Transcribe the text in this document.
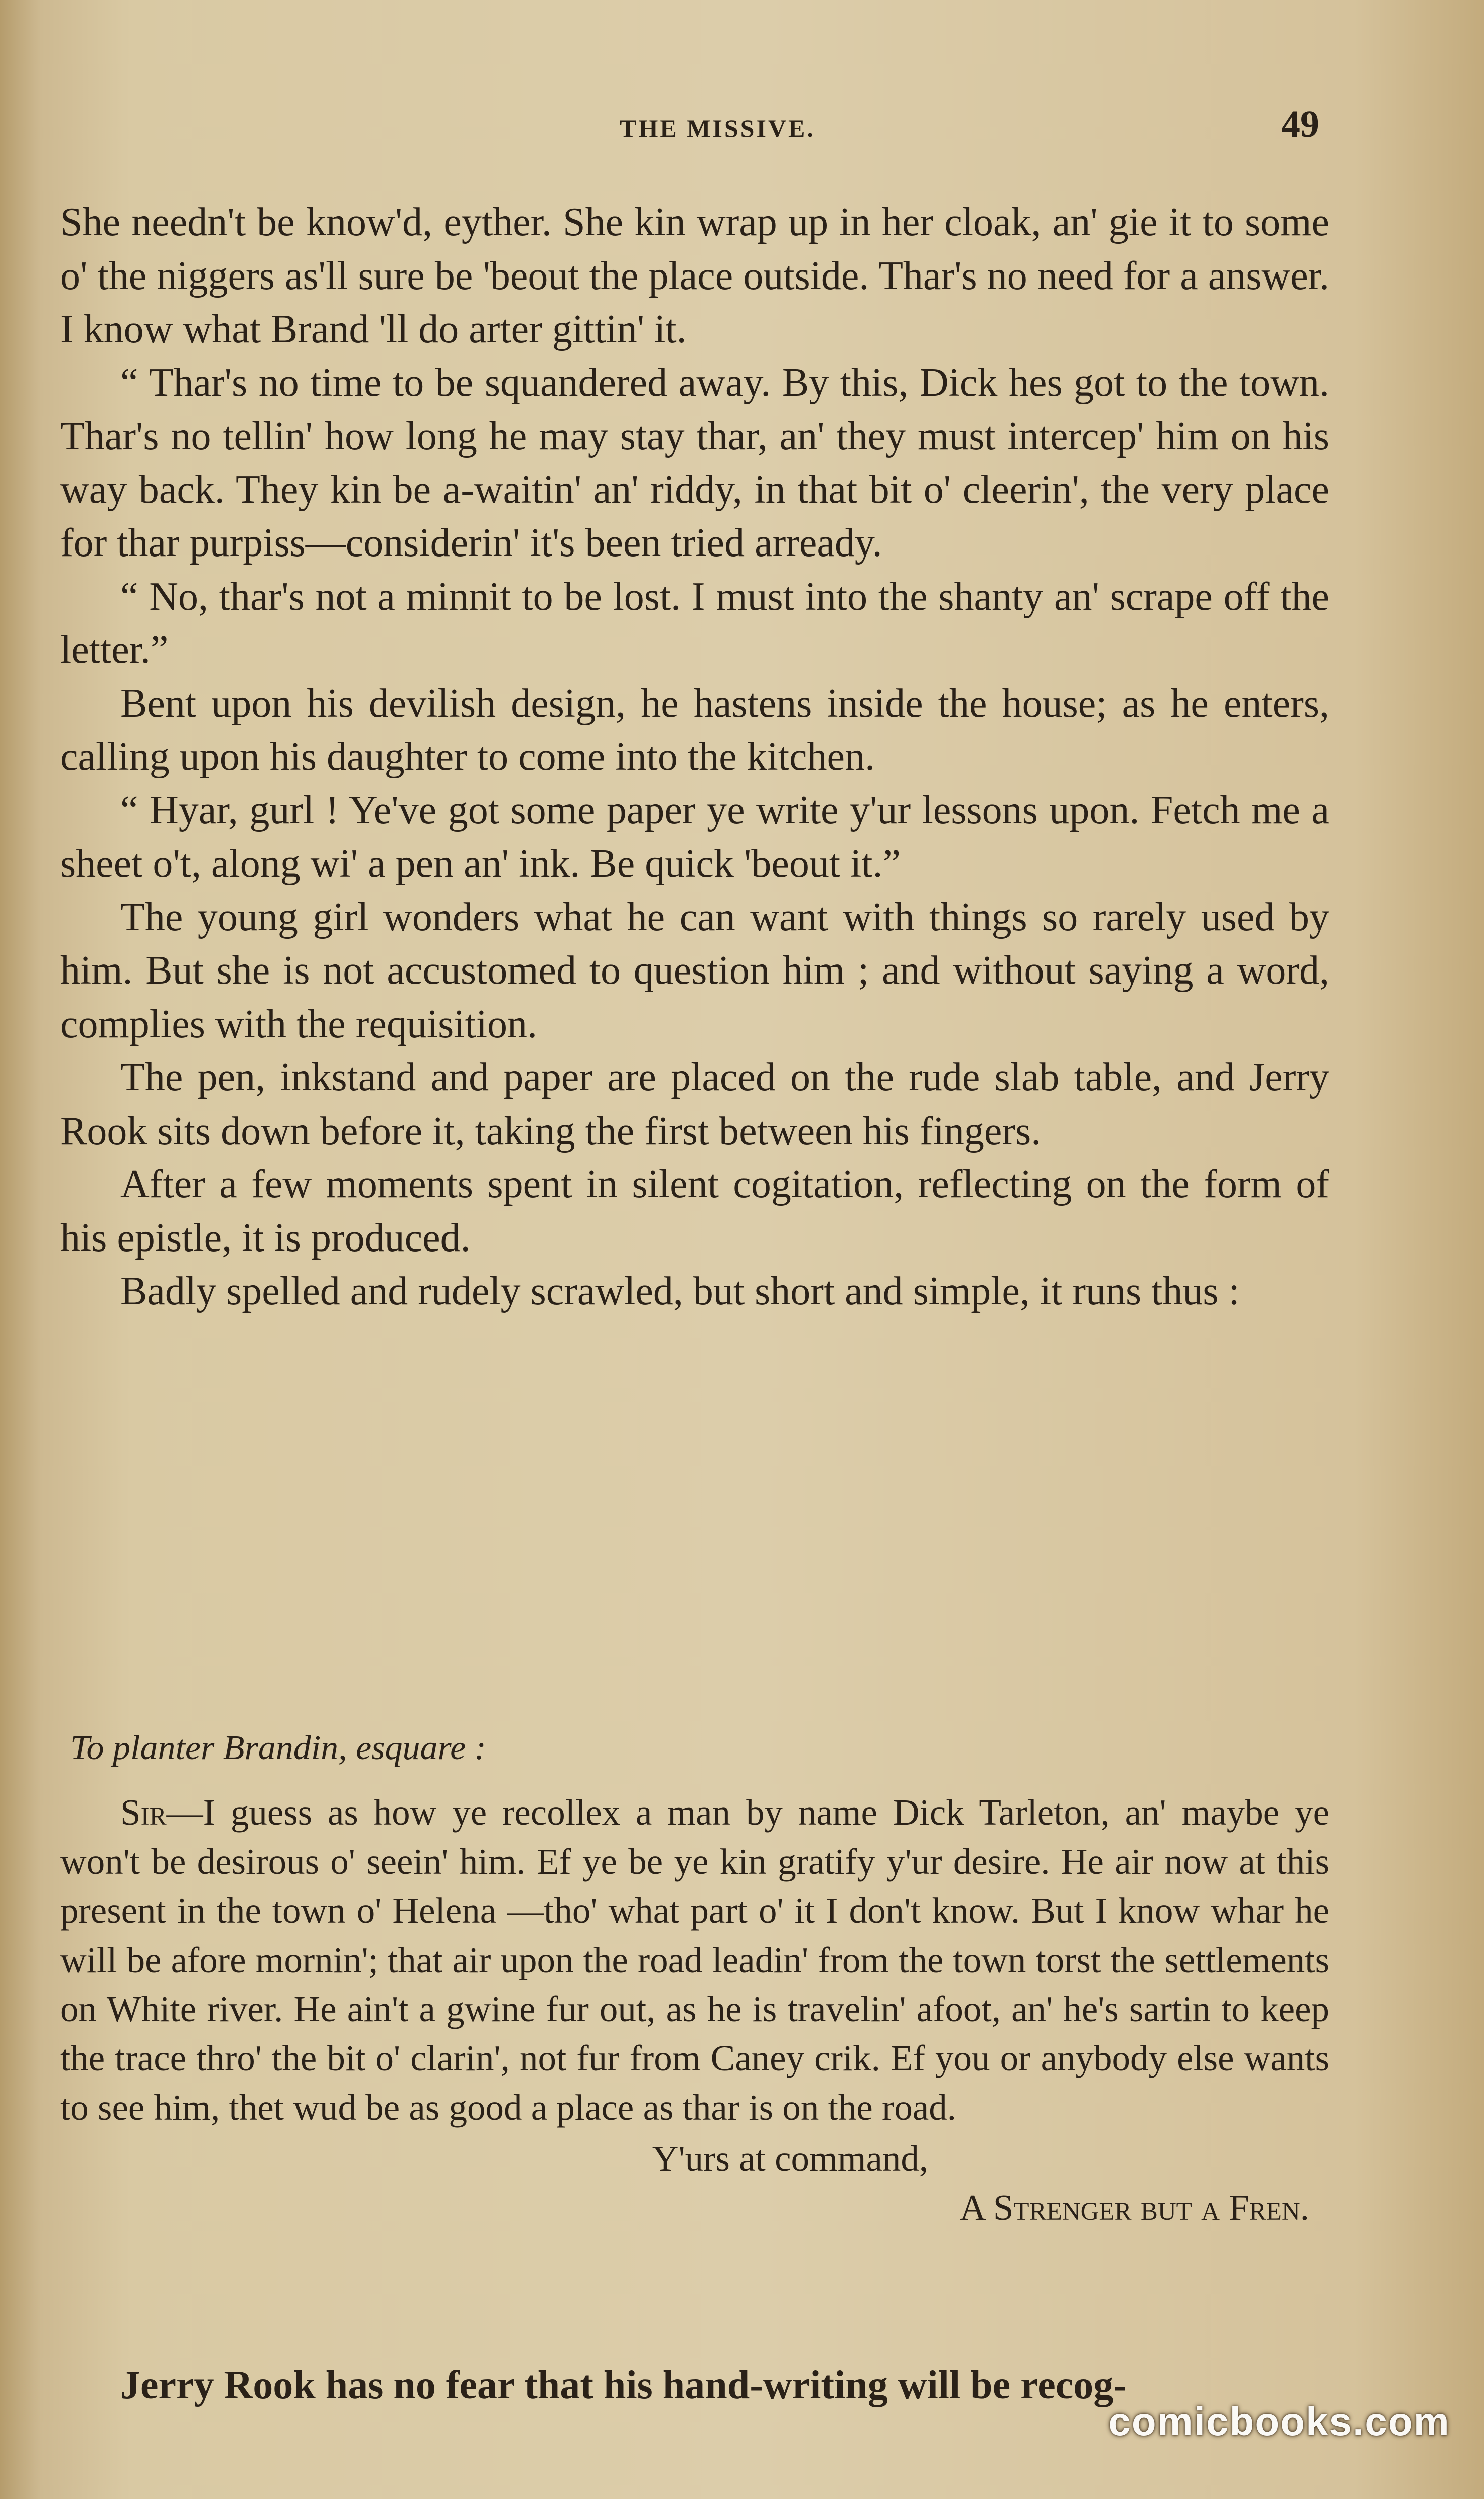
THE MISSIVE.	49

She needn't be know'd, eyther. She kin wrap up in her cloak, an' gie it to some o' the niggers as'll sure be 'beout the place outside. Thar's no need for a answer. I know what Brand 'll do arter gittin' it.

“ Thar's no time to be squandered away. By this, Dick hes got to the town. Thar's no tellin' how long he may stay thar, an' they must intercep' him on his way back. They kin be a-waitin' an' riddy, in that bit o' cleerin', the very place for thar purpiss—considerin' it's been tried arready.

“ No, thar's not a minnit to be lost. I must into the shanty an' scrape off the letter.”

Bent upon his devilish design, he hastens inside the house; as he enters, calling upon his daughter to come into the kitchen.

“ Hyar, gurl ! Ye've got some paper ye write y'ur lessons upon. Fetch me a sheet o't, along wi' a pen an' ink. Be quick 'beout it.”

The young girl wonders what he can want with things so rarely used by him. But she is not accustomed to question him ; and without saying a word, complies with the requisition.

The pen, inkstand and paper are placed on the rude slab table, and Jerry Rook sits down before it, taking the first between his fingers.

After a few moments spent in silent cogitation, reflecting on the form of his epistle, it is produced.

Badly spelled and rudely scrawled, but short and simple, it runs thus :

To planter Brandin, esquare :

Sir—I guess as how ye recollex a man by name Dick Tarleton, an' maybe ye won't be desirous o' seein' him. Ef ye be ye kin gratify y'ur desire. He air now at this present in the town o' Helena —tho' what part o' it I don't know. But I know whar he will be afore mornin'; that air upon the road leadin' from the town torst the settlements on White river. He ain't a gwine fur out, as he is travelin' afoot, an' he's sartin to keep the trace thro' the bit o' clarin', not fur from Caney crik. Ef you or anybody else wants to see him, thet wud be as good a place as thar is on the road.

Y'urs at command,
A Strenger but a Fren.
Jerry Rook has no fear that his hand-writing will be recog-
comicbooks.com
